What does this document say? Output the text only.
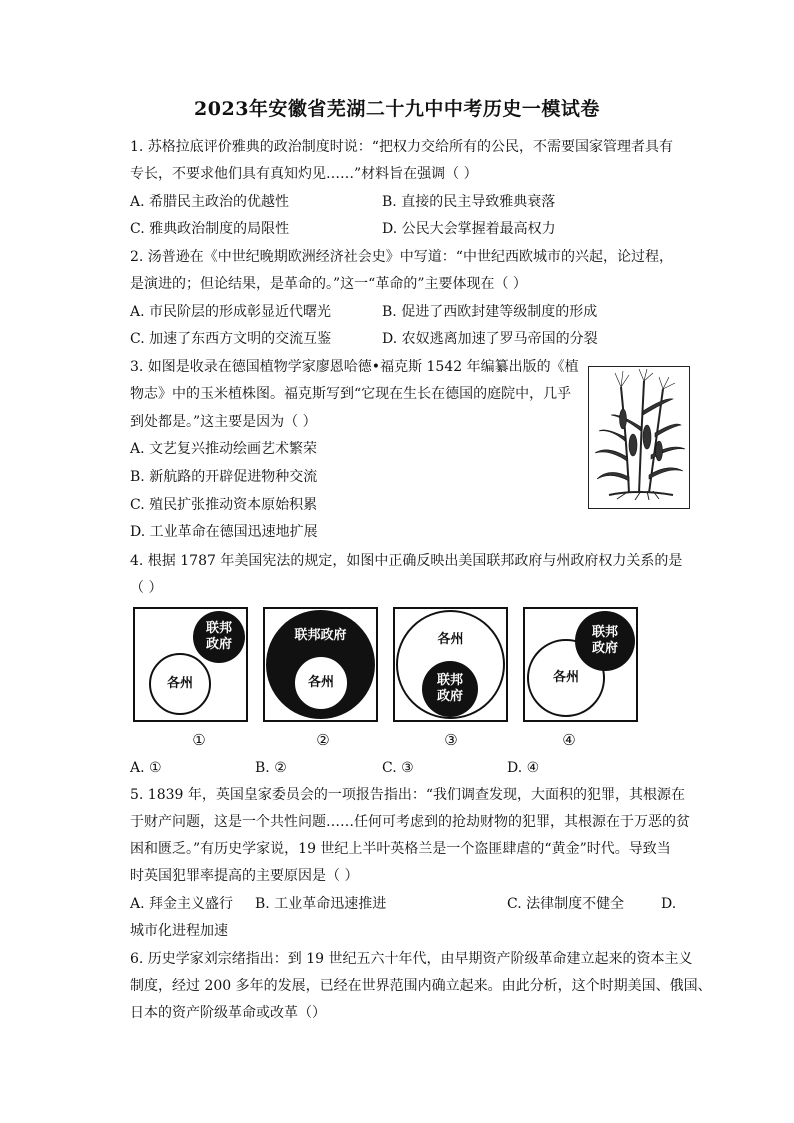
2023年安徽省芜湖二十九中中考历史一模试卷
1. 苏格拉底评价雅典的政治制度时说：“把权力交给所有的公民，不需要国家管理者具有
专长，不要求他们具有真知灼见……”材料旨在强调（ ）
A. 希腊民主政治的优越性	B. 直接的民主导致雅典衰落
C. 雅典政治制度的局限性	D. 公民大会掌握着最高权力
2. 汤普逊在《中世纪晚期欧洲经济社会史》中写道：“中世纪西欧城市的兴起，论过程，
是演进的；但论结果，是革命的。”这一“革命的”主要体现在（ ）
A. 市民阶层的形成彰显近代曙光	B. 促进了西欧封建等级制度的形成
C. 加速了东西方文明的交流互鉴	D. 农奴逃离加速了罗马帝国的分裂
3. 如图是收录在德国植物学家廖恩哈德•福克斯 1542 年编纂出版的《植
物志》中的玉米植株图。福克斯写到“它现在生长在德国的庭院中，几乎
到处都是。”这主要是因为（ ）
A. 文艺复兴推动绘画艺术繁荣
B. 新航路的开辟促进物种交流
C. 殖民扩张推动资本原始积累
D. 工业革命在德国迅速地扩展
4. 根据 1787 年美国宪法的规定，如图中正确反映出美国联邦政府与州政府权力关系的是
（ ）
各州
联邦
政府
①
联邦政府
各州
②
各州
联邦
政府
③
各州
联邦
政府
④
A. ①	B. ②	C. ③	D. ④
5. 1839 年，英国皇家委员会的一项报告指出：“我们调查发现，大面积的犯罪，其根源在
于财产问题，这是一个共性问题……任何可考虑到的抢劫财物的犯罪，其根源在于万恶的贫
困和匮乏。”有历史学家说，19 世纪上半叶英格兰是一个盗匪肆虐的“黄金”时代。导致当
时英国犯罪率提高的主要原因是（ ）
A. 拜金主义盛行 B. 工业革命迅速推进	C. 法律制度不健全	D.
城市化进程加速
6. 历史学家刘宗绪指出：到 19 世纪五六十年代，由早期资产阶级革命建立起来的资本主义
制度，经过 200 多年的发展，已经在世界范围内确立起来。由此分析，这个时期美国、俄国、
日本的资产阶级革命或改革（）
